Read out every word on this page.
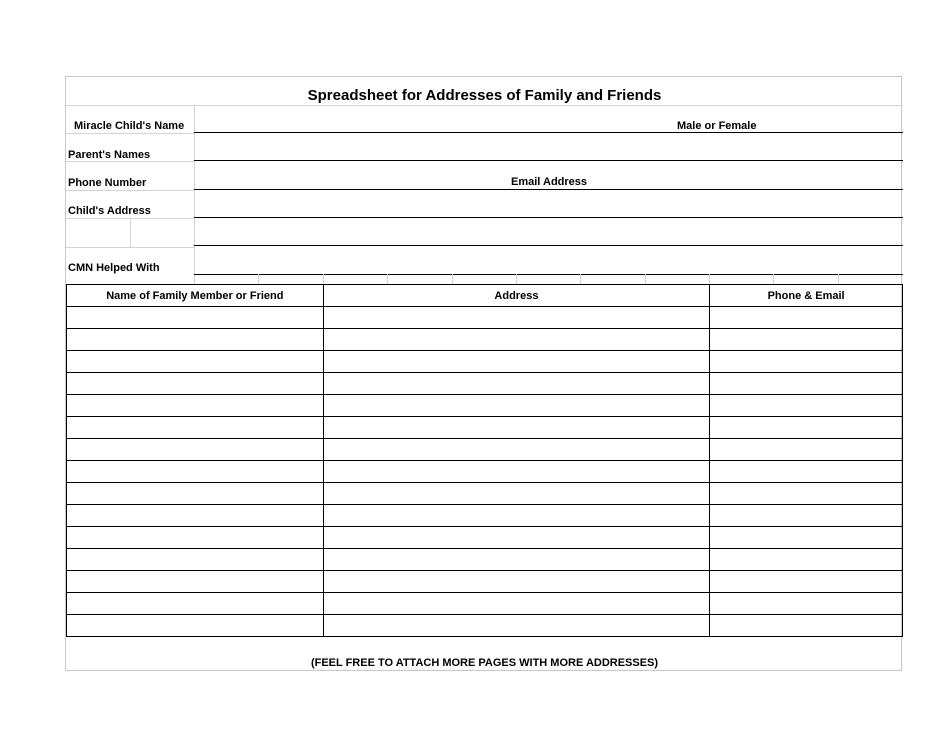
Spreadsheet for Addresses of Family and Friends
Miracle Child's Name	Male or Female
Parent's Names
Phone Number	Email Address
Child's Address
CMN Helped With
Name of Family Member or Friend	Address	Phone & Email

(FEEL FREE TO ATTACH MORE PAGES WITH MORE ADDRESSES)
